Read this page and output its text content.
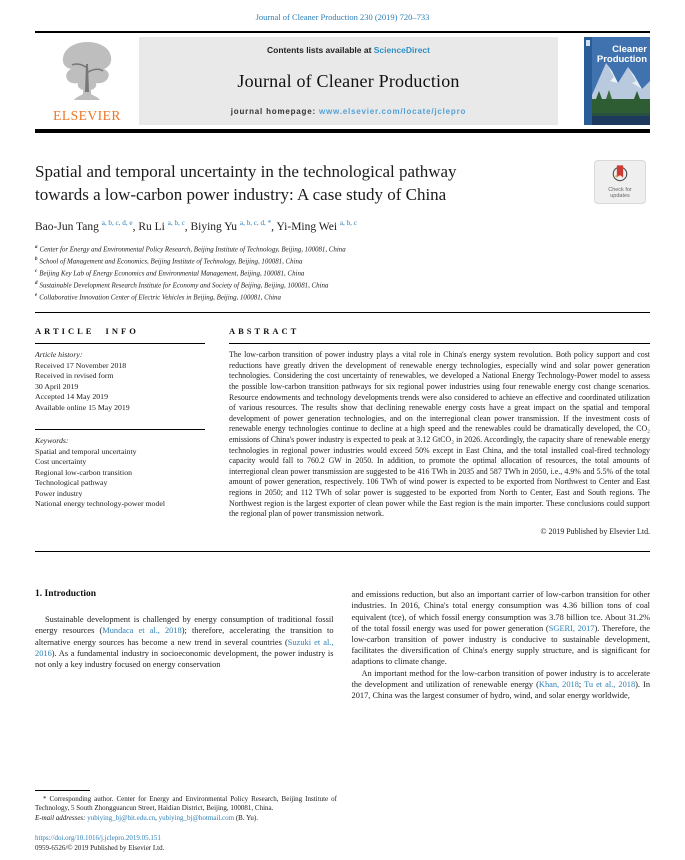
Journal of Cleaner Production 230 (2019) 720–733
ELSEVIER
Contents lists available at ScienceDirect
Journal of Cleaner Production
journal homepage: www.elsevier.com/locate/jclepro
Cleaner
Production
Spatial and temporal uncertainty in the technological pathway
towards a low-carbon power industry: A case study of China	Check for
updates
Bao-Jun Tang $^{a, b, c, d, e}$, Ru Li $^{a, b, c}$, Biying Yu $^{a, b, c, d, *}$, Yi-Ming Wei $^{a, b, c}$
$^a$ Center for Energy and Environmental Policy Research, Beijing Institute of Technology, Beijing, 100081, China
$^b$ School of Management and Economics, Beijing Institute of Technology, Beijing, 100081, China
$^c$ Beijing Key Lab of Energy Economics and Environmental Management, Beijing, 100081, China
$^d$ Sustainable Development Research Institute for Economy and Society of Beijing, Beijing, 100081, China
$^e$ Collaborative Innovation Center of Electric Vehicles in Beijing, Beijing, 100081, China
ARTICLE INFO
Article history:
Received 17 November 2018
Received in revised form
30 April 2019
Accepted 14 May 2019
Available online 15 May 2019
Keywords:
Spatial and temporal uncertainty
Cost uncertainty
Regional low-carbon transition
Technological pathway
Power industry
National energy technology-power model
ABSTRACT
The low-carbon transition of power industry plays a vital role in China's energy system revolution. Both policy support and cost reductions have greatly driven the development of renewable energy technologies, especially wind and solar power generation technologies. Considering the cost uncertainty of renewables, we developed a National Energy Technology-Power model to assess the possible low-carbon transition pathways for six regional power industries using four renewable energy cost change scenarios. Resource endowments and technology developments trends were also considered to achieve an effective and coordinated utilization of various resources. The results show that declining renewable energy costs have a great impact on the spatial and temporal development of power generation technologies, and on the interregional clean power transmission. If the investment costs of renewable energy technologies continue to decline at a high speed and the renewables could be dramatically developed, the CO₂ emissions of China's power industry is expected to peak at 3.12 GtCO₂ in 2026. Accordingly, the capacity share of renewable energy technologies in regional power industries would exceed 50% except in East China, and the total installed coal-fired technology capacity would fall to 760.2 GW in 2050. In addition, to promote the optimal allocation of resources, the total amounts of interregional clean power transmission are suggested to be 416 TWh in 2035 and 587 TWh in 2050, i.e., 4.9% and 5.5% of the total amount of power generation, respectively. 106 TWh of wind power is expected to be exported from Northwest to Center and East regions in 2050; and 112 TWh of solar power is suggested to be exported from North to Center, East and South regions. The Northwest region is the largest exporter of clean power while the East region is the main importer. These conclusions could support the regional plan of power transmission network.
© 2019 Published by Elsevier Ltd.
1. Introduction
Sustainable development is challenged by energy consumption of traditional fossil energy resources (Mundaca et al., 2018); therefore, accelerating the transition to alternative energy sources has become a new trend in several countries (Suzuki et al., 2016). As a fundamental industry in socioeconomic development, the power industry is not only a key industry focused on energy conservation
and emissions reduction, but also an important carrier of low-carbon transition for other industries. In 2016, China's total energy consumption was 4.36 billion tons of coal equivalent (tce), of which fossil energy consumption was 3.78 billion tce. About 31.2% of the total fossil energy was used for power generation (SGERI, 2017). Therefore, the low-carbon transition of power industry is conducive to sustainable development, facilitates the diversification of China's energy supply structure, and is significant for adaptions to climate change.
An important method for the low-carbon transition of power industry is to accelerate the development and utilization of renewable energy (Khan, 2018; Tu et al., 2018). In 2017, China was the largest consumer of hydro, wind, and solar energy worldwide,
* Corresponding author. Center for Energy and Environmental Policy Research, Beijing Institute of Technology, 5 South Zhongguancun Street, Haidian District, Beijing, 100081, China.
E-mail addresses: yubiying_bj@bit.edu.cn, yubiying_bj@hotmail.com (B. Yu).
https://doi.org/10.1016/j.jclepro.2019.05.151
0959-6526/© 2019 Published by Elsevier Ltd.
